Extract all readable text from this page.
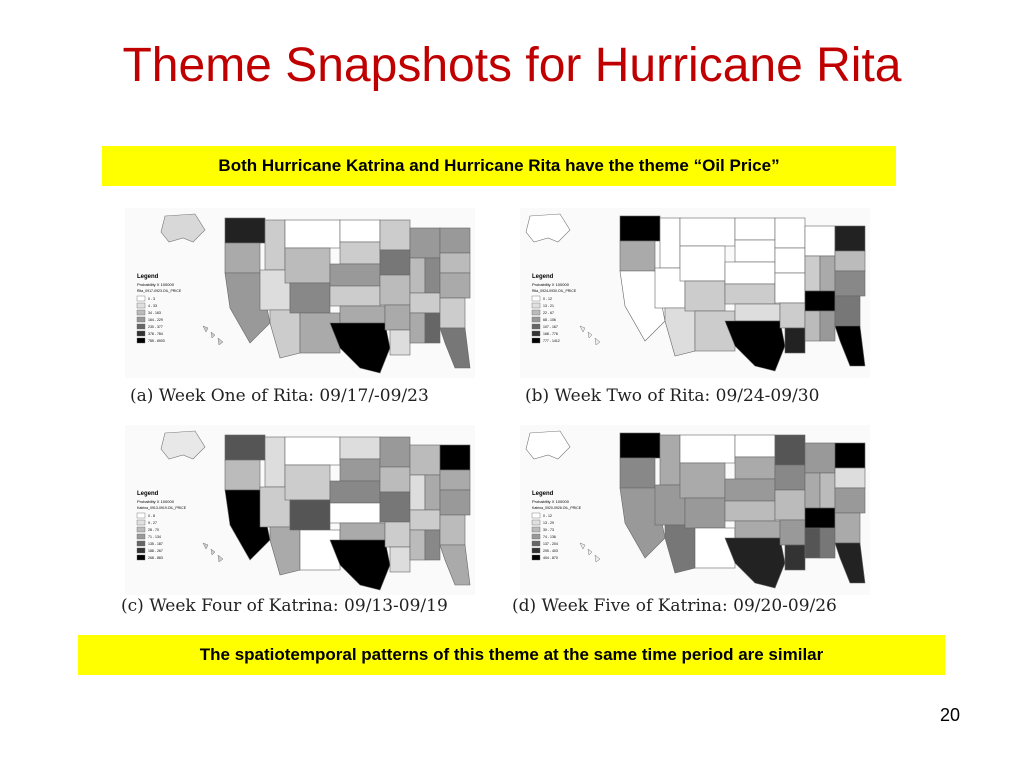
Theme Snapshots for Hurricane Rita
Both Hurricane Katrina and Hurricane Rita have the theme “Oil Price”
Legend
Probability X 100000
Rita_0917-0923.OIL_PRICE
0 - 3
4 - 33
34 - 163
164 - 229
230 - 377
378 - 784
785 - 6903
(a) Week One of Rita: 09/17/-09/23
Legend
Probability X 100000
Rita_0924-0930.OIL_PRICE
0 - 12
13 - 21
22 - 67
68 - 106
107 - 167
168 - 776
777 - 1412
(b) Week Two of Rita: 09/24-09/30
Legend
Probability X 100000
Katrina_0913-0919.OIL_PRICE
0 - 8
9 - 27
28 - 70
71 - 134
135 - 187
188 - 267
268 - 883
(c) Week Four of Katrina: 09/13-09/19
Legend
Probability X 100000
Katrina_0920-0926.OIL_PRICE
0 - 12
13 - 29
30 - 73
74 - 136
137 - 204
205 - 403
404 - 870
(d) Week Five of Katrina: 09/20-09/26
The spatiotemporal patterns of this theme at the same time period are similar
20
